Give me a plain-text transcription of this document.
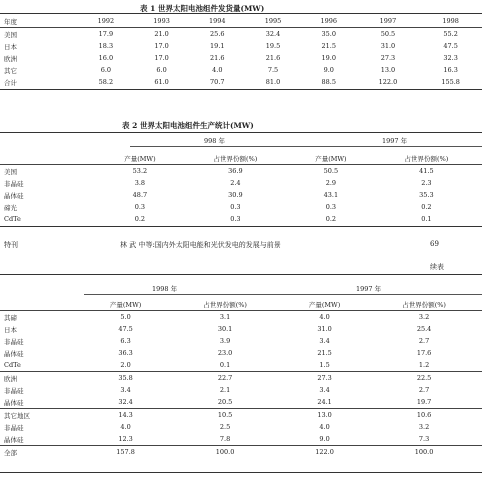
表 1 世界太阳电池组件发货量(MW)
年度	1992	1993	1994	1995	1996	1997	1998
美国	17.9	21.0	25.6	32.4	35.0	50.5	55.2
日本	18.3	17.0	19.1	19.5	21.5	31.0	47.5
欧洲	16.0	17.0	21.6	21.6	19.0	27.3	32.3
其它	6.0	6.0	4.0	7.5	9.0	13.0	16.3
合计	58.2	61.0	70.7	81.0	88.5	122.0	155.8
表 2 世界太阳电池组件生产统计(MW)
998 年	1997 年
	产量(MW)	占世界份额(%)	产量(MW)	占世界份额(%)
美国	53.2	36.9	50.5	41.5
非晶硅	3.8	2.4	2.9	2.3
晶体硅	48.7	30.9	43.1	35.3
碲光	0.3	0.3	0.3	0.2
CdTe	0.2	0.3	0.2	0.1
特刊	林 武 中等:国内外太阳电能和光伏发电的发展与前景	69
续表
1998 年	1997 年
	产量(MW)	占世界份额(%)	产量(MW)	占世界份额(%)
其碲	5.0	3.1	4.0	3.2
日本	47.5	30.1	31.0	25.4
非晶硅	6.3	3.9	3.4	2.7
晶体硅	36.3	23.0	21.5	17.6
CdTe	2.0	0.1	1.5	1.2
欧洲	35.8	22.7	27.3	22.5
非晶硅	3.4	2.1	3.4	2.7
晶体硅	32.4	20.5	24.1	19.7
其它地区	14.3	10.5	13.0	10.6
非晶硅	4.0	2.5	4.0	3.2
晶体硅	12.3	7.8	9.0	7.3
全部	157.8	100.0	122.0	100.0
